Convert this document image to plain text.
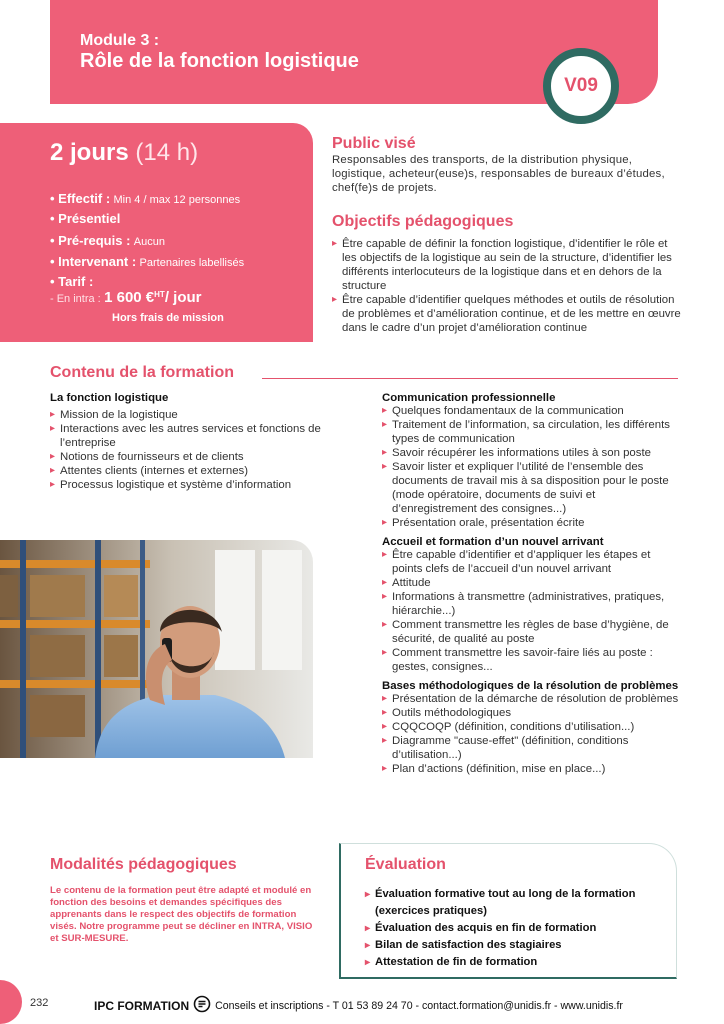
Module 3 :
Rôle de la fonction logistique
V09
2 jours (14 h)
• Effectif : Min 4 / max 12 personnes
• Présentiel
• Pré-requis : Aucun
• Intervenant : Partenaires labellisés
• Tarif :
- En intra : 1 600 €$^{HT}$/ jour
Hors frais de mission
Public visé
Responsables des transports, de la distribution physique, logistique, acheteur(euse)s, responsables de bureaux d’études, chef(fe)s de projets.
Objectifs pédagogiques
▸ Être capable de définir la fonction logistique, d’identifier le rôle et les objectifs de la logistique au sein de la structure, d’identifier les différents interlocuteurs de la logistique dans et en dehors de la structure
▸ Être capable d’identifier quelques méthodes et outils de résolution de problèmes et d’amélioration continue, et de les mettre en œuvre dans le cadre d’un projet d’amélioration continue
Contenu de la formation
La fonction logistique
▸ Mission de la logistique
▸ Interactions avec les autres services et fonctions de l’entreprise
▸ Notions de fournisseurs et de clients
▸ Attentes clients (internes et externes)
▸ Processus logistique et système d’information
Communication professionnelle
▸ Quelques fondamentaux de la communication
▸ Traitement de l’information, sa circulation, les différents types de communication
▸ Savoir récupérer les informations utiles à son poste
▸ Savoir lister et expliquer l’utilité de l’ensemble des documents de travail mis à sa disposition pour le poste (mode opératoire, documents de suivi et d’enregistrement des consignes...)
▸ Présentation orale, présentation écrite
Accueil et formation d’un nouvel arrivant
▸ Être capable d’identifier et d’appliquer les étapes et points clefs de l’accueil d’un nouvel arrivant
▸ Attitude
▸ Informations à transmettre (administratives, pratiques, hiérarchie...)
▸ Comment transmettre les règles de base d’hygiène, de sécurité, de qualité au poste
▸ Comment transmettre les savoir-faire liés au poste : gestes, consignes...
Bases méthodologiques de la résolution de problèmes
▸ Présentation de la démarche de résolution de problèmes
▸ Outils méthodologiques
▸ CQQCOQP (définition, conditions d’utilisation...)
▸ Diagramme "cause-effet" (définition, conditions d’utilisation...)
▸ Plan d’actions (définition, mise en place...)
Modalités pédagogiques
Le contenu de la formation peut être adapté et modulé en fonction des besoins et demandes spécifiques des apprenants dans le respect des objectifs de formation visés. Notre programme peut se décliner en INTRA, VISIO et SUR-MESURE.
Évaluation
▸ Évaluation formative tout au long de la formation (exercices pratiques)
▸ Évaluation des acquis en fin de formation
▸ Bilan de satisfaction des stagiaires
▸ Attestation de fin de formation
232	IPC FORMATION Conseils et inscriptions - T 01 53 89 24 70 - contact.formation@unidis.fr - www.unidis.fr
